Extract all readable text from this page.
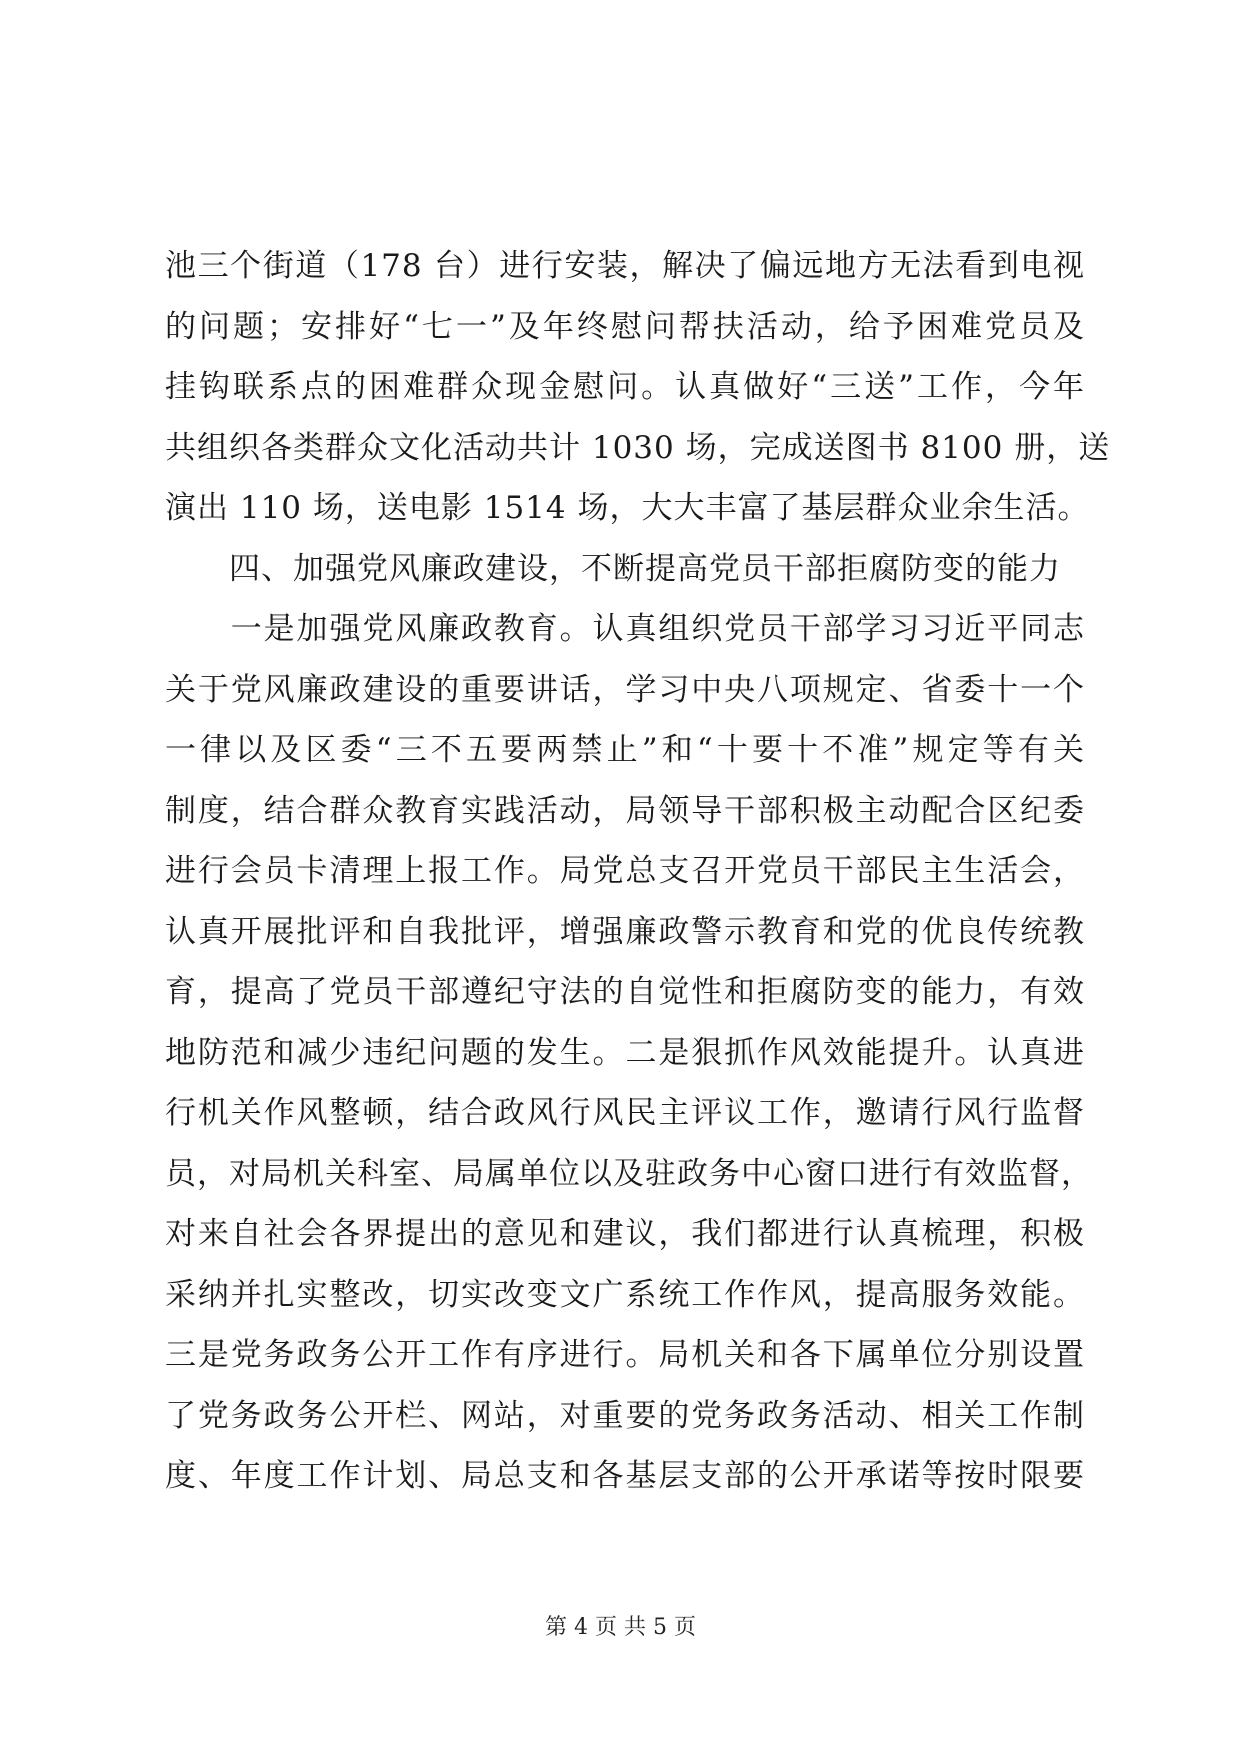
池三个街道（178 台）进行安装，解决了偏远地方无法看到电视
的问题；安排好“七一”及年终慰问帮扶活动，给予困难党员及
挂钩联系点的困难群众现金慰问。认真做好“三送”工作，今年
共组织各类群众文化活动共计 1030 场，完成送图书 8100 册，送
演出 110 场，送电影 1514 场，大大丰富了基层群众业余生活。
　　四、加强党风廉政建设，不断提高党员干部拒腐防变的能力
　　一是加强党风廉政教育。认真组织党员干部学习习近平同志
关于党风廉政建设的重要讲话，学习中央八项规定、省委十一个
一律以及区委“三不五要两禁止”和“十要十不准”规定等有关
制度，结合群众教育实践活动，局领导干部积极主动配合区纪委
进行会员卡清理上报工作。局党总支召开党员干部民主生活会，
认真开展批评和自我批评，增强廉政警示教育和党的优良传统教
育，提高了党员干部遵纪守法的自觉性和拒腐防变的能力，有效
地防范和减少违纪问题的发生。二是狠抓作风效能提升。认真进
行机关作风整顿，结合政风行风民主评议工作，邀请行风行监督
员，对局机关科室、局属单位以及驻政务中心窗口进行有效监督，
对来自社会各界提出的意见和建议，我们都进行认真梳理，积极
采纳并扎实整改，切实改变文广系统工作作风，提高服务效能。
三是党务政务公开工作有序进行。局机关和各下属单位分别设置
了党务政务公开栏、网站，对重要的党务政务活动、相关工作制
度、年度工作计划、局总支和各基层支部的公开承诺等按时限要
第 4 页 共 5 页
